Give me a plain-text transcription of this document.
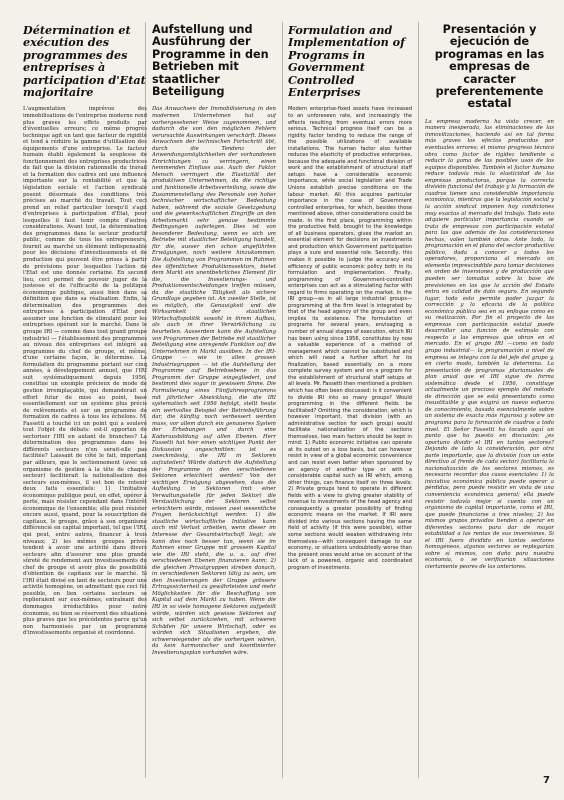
Détermination et exécution des programmes des entreprises à participation d'Etat majoritaire
L'augmentation imprévue des immobilisations de l'entreprise moderne rend plus graves les effets produits par d'éventuelles erreurs; ce même progrès technique agit en tant que facteur de rigidité et tend à réduire la gamme d'utilisation des équipements d'une entreprise. Le facteur humain établi également la souplesse de fonctionnement des entreprises productrices du fait que la division rationnelle du travail et la formation des cadres ont une influence importante sur la rentabilité et que la législation sociale et l'action syndicale posent désormais des conditions très précises au marché du travail. Tout ceci prend un relief particulier lorsqu'il s'agit d'entreprises à participation d'Etat, pour lesquelles il faut tenir compte d'autres considérations. Avant tout, la détermination des programmes dans le secteur productif public, comme de tous les entrepreneurs, fournit au marché un élément indispensable pour les décisions d'investissements et de production qui peuvent être prises à partir de prévisions pour lesquelles l'action de l'Etat est une donnée certaine. En second lieu, ceci permet de pouvoir juger de la justesse et de l'efficacité de la politique économique publique, aussi bien dans sa définition que dans sa réalisation. Enfin, la détermination des programmes des entreprises à participation d'Etat peut assumer une fonction de stimulant pour les entreprises opérant sur le marché. Dans le groupe IRI — comme dans tout grand groupe industriel — l'établissement des programmes au niveau des entreprises est intégré au programme du chef de groupe, et même, d'une certaine façon, le détermine. La formulation du programme portant sur cinq années, à développement annuel, que l'IRI suit systématiquement depuis 1956, constitue un exemple précieux de mode de gestion irremplaçable, qui demanderait un effort futur de mise au point, basé essentiellement sur un système plus précis de relèvements et sur un programme de formation de cadres à tous les échelons. M. Fassetti a touché ici un point qui a soulevé tout l'objet du débats: est-il opportun de sectoriser l'IRI en autant de branches? La détermination des programmes dans les différents secteurs n'en serait-elle pas facilitée? Laissant de côté le fait, important par ailleurs, que le sectionnement (avec un organisme de gestion à la tête de chaque secteur) faciliterait la nationalisation des secteurs eux-mêmes, il est bon de retenir deux faits essentiels: 1) l'initiative économique publique peut, en effet, opérer à perte, mais résister cependant dans l'intérêt économique de l'ensemble; elle peut résister encore aussi, quand, pour la souscription de capitaux, le groupe, grâce à son organisme différencié en capital important, tel que l'IRI, qui peut, entre autres, financer à trois niveaux; 2) les mêmes groupes privés tendent à avoir une activité dans divers secteurs afin d'assurer une plus grande sûreté de rendement aux investissements du chef de groupe et avoir plus de possibilité d'obtention de capitaux sur le marché. Si l'IRI était divisé en tant de secteurs pour une activité homogène, on admettant que ceci fût possible, on lien certains secteurs se replieraient sur eux-mêmes, entraînant des dommages irréductibles pour notre économie, ou bien se réservent des situations plus graves que les précédentes parce qu'un non harmonisés par un programme d'investissements organisé et coordonné.
Aufstellung und Ausführung der Programme in den Betrieben mit staatlicher Beteiligung
Das Anwachsen der Immobilisierung in den modernen Unternehmen hat auf vorhergesehener Weise zugenommen, und dadurch die von den möglichen Fehlern verursachte Auswirkungen verschärft. Dieses Anwachsen der technischen Fortschritt übt, durch die Tendenz der Anwendungsmöglichkeiten der vorhandenen Einrichtungen zu verringern, einen hemmenden Einfluss aus. Auch der Faktor Mensch verringert die Elastizität der produktiven Unternehmen, da die richtige und funktionelle Arbeitsverteilung, sowie die Zusammenstellung des Personals von hoher technischer wirtschaftlicher Bedeutung haben, während die soziale Gesetzgebung und die gewerkschaftlichen Eingriffe an den Arbeitsmarkt sehr genaue bestimmte Bedingungen auferlegen. Dies ist von besonderer Bedeutung, wenn es sich um Betriebe mit staatlicher Beteiligung handelt, für die, ausser den schon angeführten Erwägungen, noch weitere hinzukommen. Die Aufstellung von Programmen im Rahmen des öffentlichen Produktionssektors, bietet dem Markt ein unentbehrliches Element für die, die Investierungs- und Produktionsentscheidungen treffen müssen, da die staatliche Tätigkeit als sichere Grundlage gegeben ist. An zweiter Stelle, ist es möglich, die Genauigkeit und die Wirksamkeit der staatlichen Wirtschaftspolitik sowohl in ihrem Aufbau, als auch in ihrer Verwirklichung zu beurteilen. Ausserdem kann die Aufstellung von Programmen der Betriebe mit staatlicher Beteiligung eine anregende Funktion auf die Unternehmen in Markt ausüben. In der IRI-Gruppe — wie in allen grossen Industriegruppen — ist die Aufstellung der Programme auf Betriebsebene in das Programm der Gruppe eingegliedert, und bestimmt dies sogar in gewissem Sinne. Die Formulierung eines Fünfjahresprogramms mit jährlicher Abwicklung, die die IRI systematisch seit 1956 befolgt, stellt heute ein wertvolles Beispiel der Betriebsführung dar, die künftig noch verbessert werden muss, vor allem durch ein genaueres System der Erhebungen und durch eine Kaderausbildung auf allen Ebenen. Herr Fassetti hat hier einen wichtigen Punkt der Diskussion angeschnitten: ist es zweckmässig, die IRI in Sektoren aufzuteilen? Würde dadurch die Aufstellung der Programme in den verschiedenen Sektoren erleichtert werden? Von der wichtigen Erwägung abgesehen, dass die Aufteilung in Sektoren (mit einer Verwaltungsstelle für jeden Sektor) die Verstaatlichung der Sektoren selbst erleichtern würde, müssen zwei wesentliche Fragen berücksichtigt werden: 1) die staatliche wirtschaftliche Initiative kann auch mit Verlust arbeiten, wenn dieser im Interesse der Gesamtwirtschaft liegt; sie kann dies noch besser tun, wenn sie im Rahmen einer Gruppe mit grossem Kapital wie die IRI steht, die u. a. auf drei verschiedenen Ebenen finanzieren kann; 2) die gleichen Privatgruppen streben danach, in verschiedenen Sektoren tätig zu sein, um den Investierungen der Gruppe grössere Ertragssicherheit zu gewährleisten und mehr Möglichkeiten für die Beschaffung von Kapital auf dem Markt zu haben. Wenn die IRI in so viele homogene Sektoren aufgeteilt würde, würden sich gewisse Sektoren auf sich selbst zurückziehen, mit schweren Schäden für unsere Wirtschaft, oder es würden sich Situationen ergeben, die schwerwiegender als die vorherigen wären, da kein harmonischer und koordinierter Investierungsplan vorhanden wäre.
Formulation and Implementation of Programs in Government Controlled Enterprises
Modern enterprise-fixed assets have increased to an unforeseen rate, and increasingly the effects resulting from eventual errors more serious. Technical progress itself can be a rigidity factor tending to reduce the range of the possible utilizations of available installations. The human factor also further reduces the elasticity of productive enterprises, because the adequate and functional division of work and the establishment of structural staff setups have a considerable economic importance, while social legislation and Trade Unions establish precise conditions on the labour market. All this acquires particular importance in the case of Government controlled enterprises, for which, besides those mentioned above, other considerations could be made. In the first place, programming within the productive field, brought to the knowledge of all business operators, gives the market an essential element for decisions on investments and production which Government participation plays a sure and essential role. Secondly, this makes it possible to judge the accuracy and efficiency of public economic policy both in its formulation and implementation. Finally, programming of Government-controlled enterprises can act as a stimulating factor with regard to firms operating on the market. In the IRI group—as in all large industrial groups—programming at the firm level is integrated by that of the head agency of the group and even implies its existence. The formulation of programs for several years, envisaging a number of annual stages of execution, which IRI has been using since 1956, constitutes by now a valuable experience of a method of management which cannot be substituted and which will need a further effort for its finalization, based essentially on a more complete survey system and on a program for the establishment of structural staff setups at all levels. Mr. Fassetti then mentioned a problem which has often been discussed: is it convenient to divide IRI into so many groups? Would programming in the different fields be facilitated? Omitting the consideration, which is however important, that division (with an administrative section for each group) would facilitate nationalization of the sections themselves, two main factors should be kept in mind: 1) Public economic initiative can operate at its outset on a loss basis, but can however resist in view of a global economic convenience and can resist even better when sponsored by an agency of another type or with a considerable capital such as IRI which, among other things, can finance itself on three levels; 2) Private groups tend to operate in different fields with a view to giving greater stability of revenue to investments of the head agency and consequently a greater possibility of finding economic means on the market. If IRI were divided into various sections having the same field of activity (if this were possible), either some sections would weaken withdrawing into themselves—with consequent damage to our economy, or situations undoubtedly worse than the present ones would arise on account of the lack of a powered, organic and coordinated program of investments.
Presentación y ejecución de programas en las empresas de caracter preferentemente estatal
La empresa moderna ha visto crecer, en manera inesperada, las eliminaciones de las inmovilizaciones, haciendo así en tal forma más graves los efectos producidos por eventuales errores; el mismo progreso técnico obra como factor de rigidez tendiente a reducir la gama de las posibles usos de los equipos disponibles. También el factor humano reduce todavía más la elasticidad de las empresas productoras, porque la correcta división funcional del trabajo y la formación de cuadros tienen una considerable importancia económica, mientras que la legislación social y la acción sindical imponen hoy condiciones muy exactas al mercado del trabajo. Todo esto adquiere particular importancia cuando se trata de empresas con participación estatal para las que además de las consideraciones hechas, valen también otras. Ante todo, la programación en el plano del sector productivo público, dada a conocer a todos los operadores, proporciona al mercado un elemento imprescindible para tomar decisiones en orden de inversiones y de producción que pueden ser tomadas sobre la base de previsiones en las que la acción del Estado entra en calidad de dato seguro. En segundo lugar, todo esto permite poder juzgar la corrección y la eficacia de la política económica pública sea en su enfoque como en su realización. Por fin el proyecto de las empresas con participación estatal puede desarrollar una función de estímulo con respecto a las empresas que obran en el mercado. En el grupo IRI —como en todo grupo industrial— la programación a nivel de empresa se integra con la del jefe del grupo y, en cierto modo, también la determina. La presentación de programas plurianuales de plan anual que el IRI sigue de forma sistemática desde el 1956, constituye actualmente un precioso ejemplo del método de dirección que se está presentando como insustituible y que exigirá un nuevo esfuerzo de conocimiento, basado esencialmente sobre un sistema de exacta más rigurosa y sobre un programa para la formación de cuadros a todo nivel. El Señor Fassetti ha tocado aquí un punto que ha puesto en discusión: ¿es oportuno dividir el IRI en tantos sectores? Dejando de lado la consideración, por otra parte importante, que la división (con un ente directivo al frente de cada sector) facilitaría la nacionalización de los sectores mismos, es necesario recordar dos casos esenciales: 1) la iniciativa económica pública puede operar a pérdidas, pero puede resistir en vista de una conveniencia económica general; ella puede resistir todavía mejor si cuenta con un organismo de capital importante, como el IRI, que puede financiarse a tres niveles; 2) los mismos grupos privados tienden a operar en diferentes sectores para dar de mayor estabilidad a las rentas de sus inversiones. Si el IRI fuera dividido en tantos sectores homogéneos, algunos sectores se replegarían sobre sí mismos, con daño para nuestra economía, o se verificarían situaciones ciertamente peores de las anteriores.
7
